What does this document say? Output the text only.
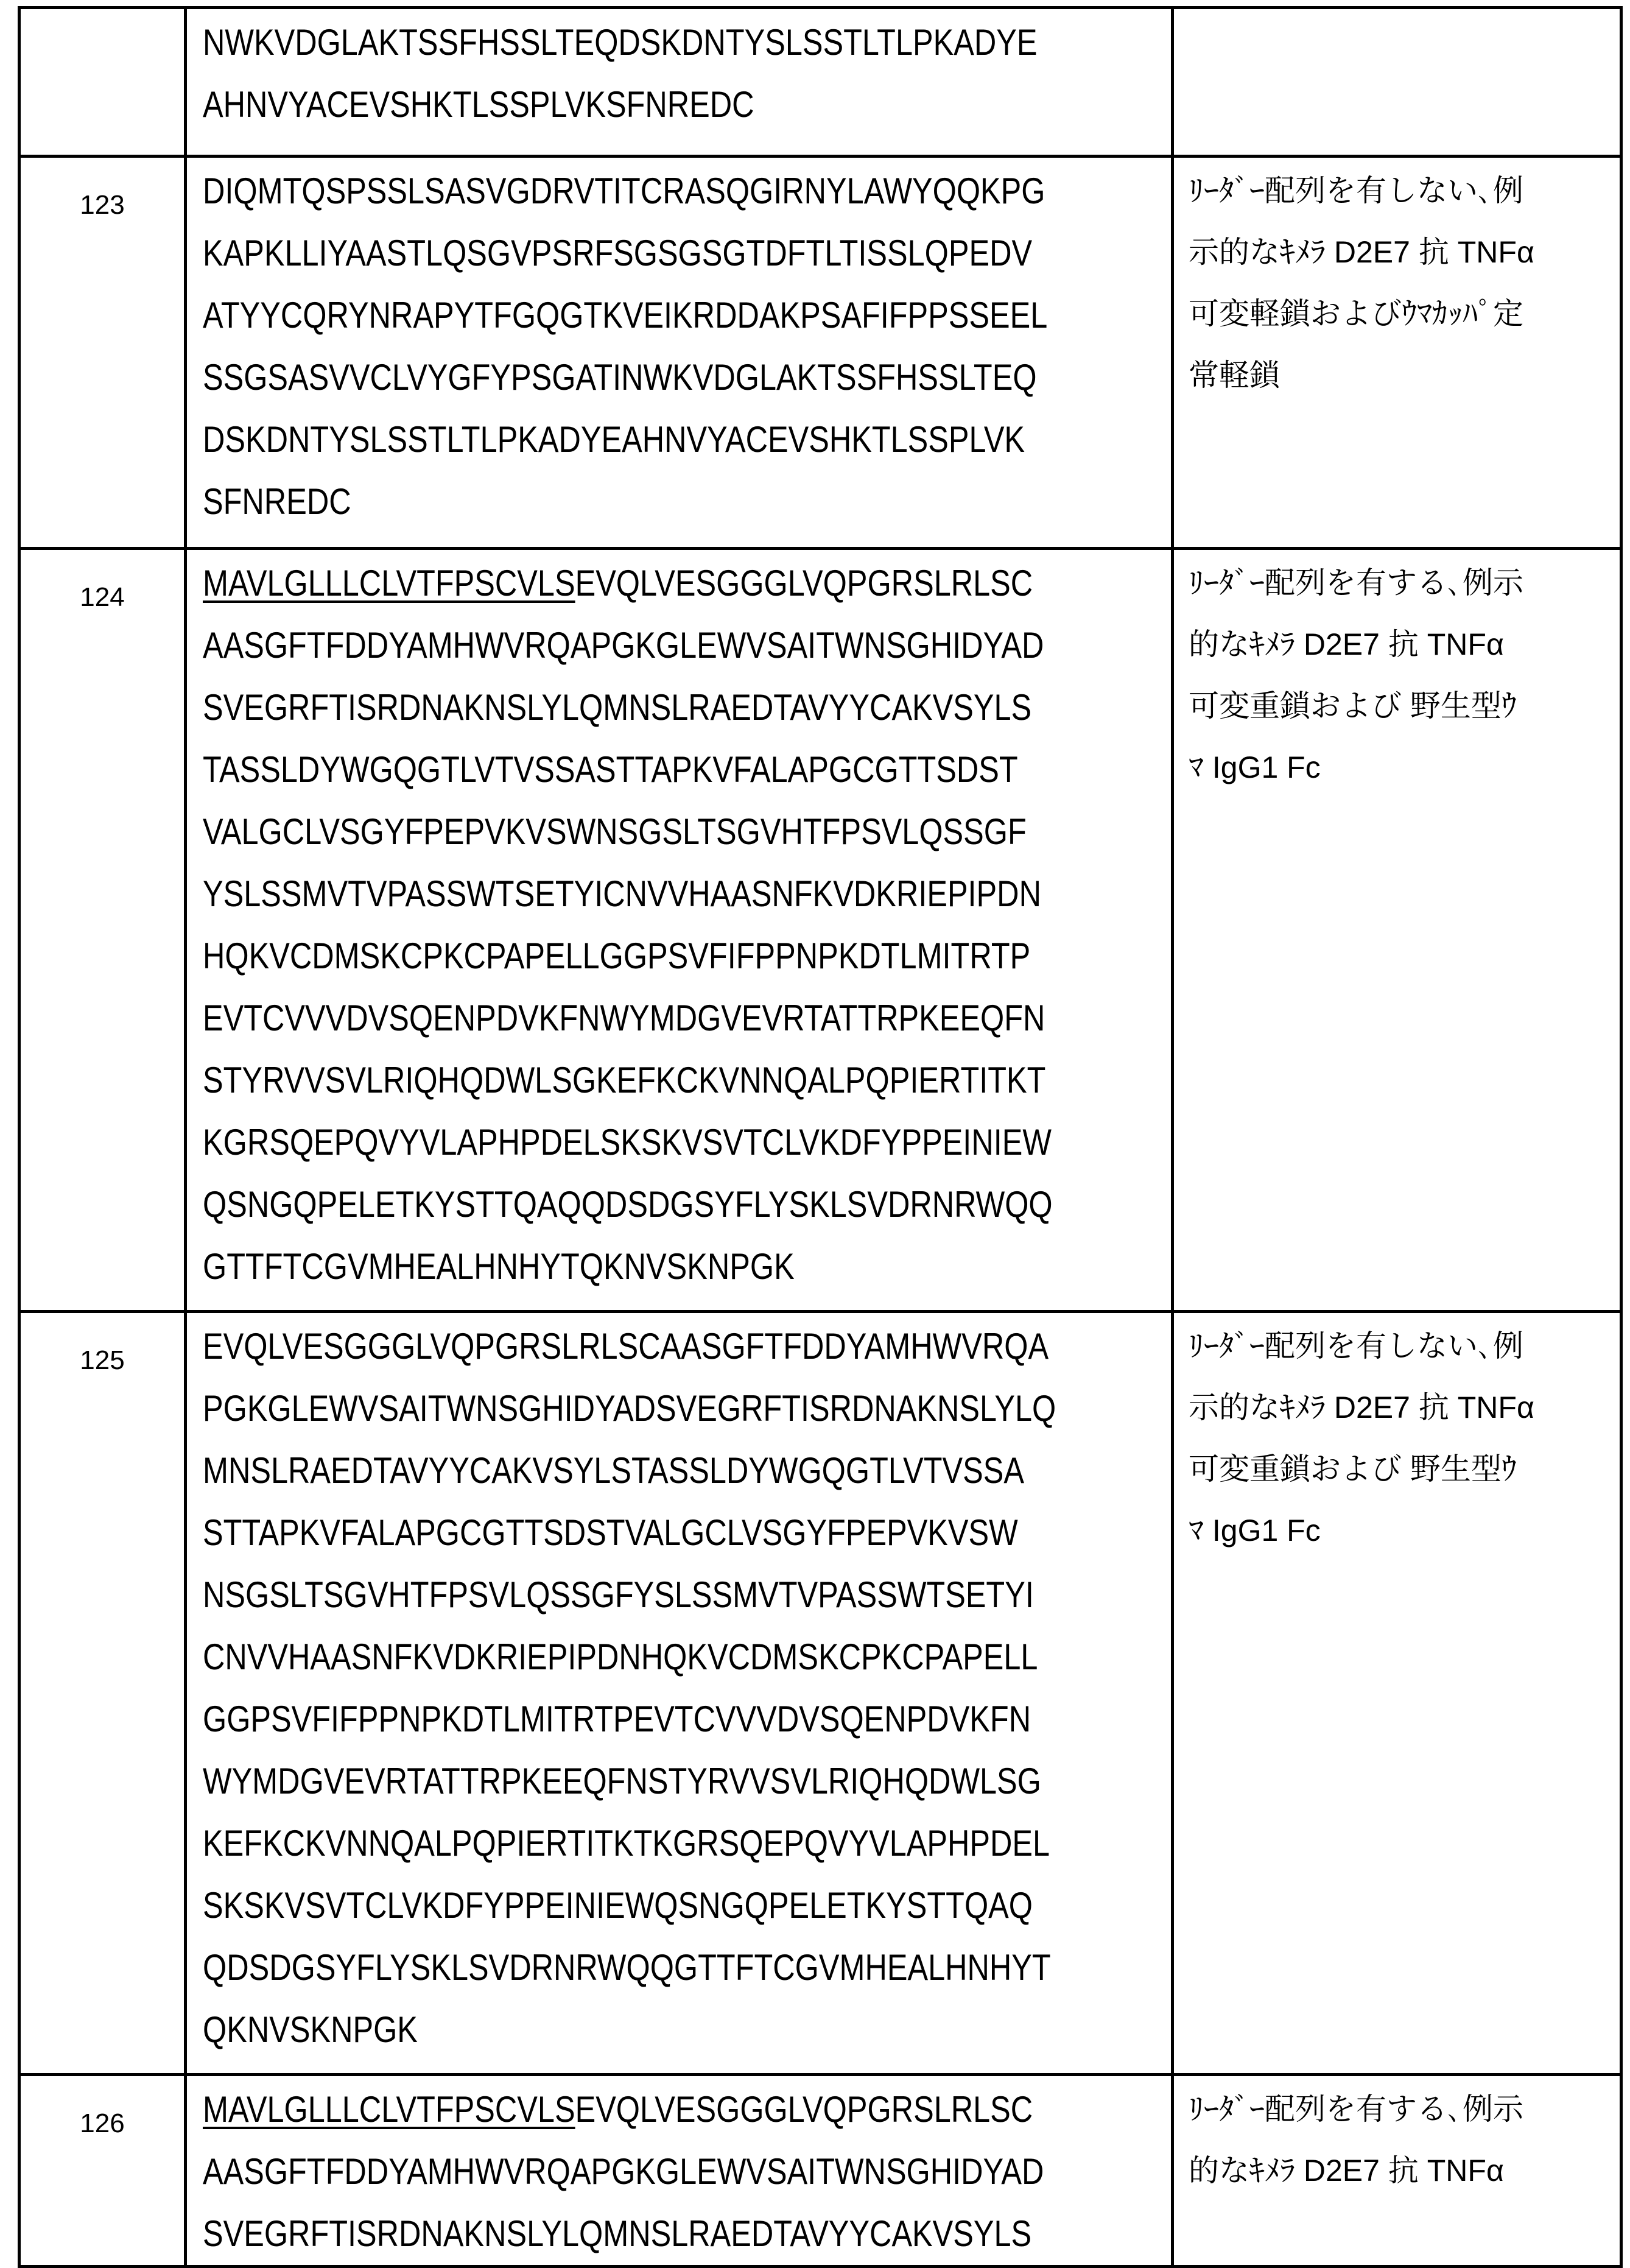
NWKVDGLAKTSSFHSSLTEQDSKDNTYSLSSTLTLPKADYE
AHNVYACEVSHKTLSSPLVKSFNREDC
123	DIQMTQSPSSLSASVGDRVTITCRASQGIRNYLAWYQQKPG
KAPKLLIYAASTLQSGVPSRFSGSGSGTDFTLTISSLQPEDV
ATYYCQRYNRAPYTFGQGTKVEIKRDDAKPSAFIFPPSSEEL
SSGSASVVCLVYGFYPSGATINWKVDGLAKTSSFHSSLTEQ
DSKDNTYSLSSTLTLPKADYEAHNVYACEVSHKTLSSPLVK
SFNREDC
ﾘｰﾀﾞｰ配列を有しない､例
示的なｷﾒﾗ D2E7 抗 TNFα
可変軽鎖およびｳﾏｶｯﾊﾟ定
常軽鎖
124	MAVLGLLLCLVTFPSCVLSEVQLVESGGGLVQPGRSLRLSC
AASGFTFDDYAMHWVRQAPGKGLEWVSAITWNSGHIDYAD
SVEGRFTISRDNAKNSLYLQMNSLRAEDTAVYYCAKVSYLS
TASSLDYWGQGTLVTVSSASTTAPKVFALAPGCGTTSDST
VALGCLVSGYFPEPVKVSWNSGSLTSGVHTFPSVLQSSGF
YSLSSMVTVPASSWTSETYICNVVHAASNFKVDKRIEPIPDN
HQKVCDMSKCPKCPAPELLGGPSVFIFPPNPKDTLMITRTP
EVTCVVVDVSQENPDVKFNWYMDGVEVRTATTRPKEEQFN
STYRVVSVLRIQHQDWLSGKEFKCKVNNQALPQPIERTITKT
KGRSQEPQVYVLAPHPDELSKSKVSVTCLVKDFYPPEINIEW
QSNGQPELETKYSTTQAQQDSDGSYFLYSKLSVDRNRWQQ
GTTFTCGVMHEALHNHYTQKNVSKNPGK
ﾘｰﾀﾞｰ配列を有する､例示
的なｷﾒﾗ D2E7 抗 TNFα
可変重鎖および 野生型ｳ
ﾏ IgG1 Fc
125	EVQLVESGGGLVQPGRSLRLSCAASGFTFDDYAMHWVRQA
PGKGLEWVSAITWNSGHIDYADSVEGRFTISRDNAKNSLYLQ
MNSLRAEDTAVYYCAKVSYLSTASSLDYWGQGTLVTVSSA
STTAPKVFALAPGCGTTSDSTVALGCLVSGYFPEPVKVSW
NSGSLTSGVHTFPSVLQSSGFYSLSSMVTVPASSWTSETYI
CNVVHAASNFKVDKRIEPIPDNHQKVCDMSKCPKCPAPELL
GGPSVFIFPPNPKDTLMITRTPEVTCVVVDVSQENPDVKFN
WYMDGVEVRTATTRPKEEQFNSTYRVVSVLRIQHQDWLSG
KEFKCKVNNQALPQPIERTITKTKGRSQEPQVYVLAPHPDEL
SKSKVSVTCLVKDFYPPEINIEWQSNGQPELETKYSTTQAQ
QDSDGSYFLYSKLSVDRNRWQQGTTFTCGVMHEALHNHYT
QKNVSKNPGK
ﾘｰﾀﾞｰ配列を有しない､例
示的なｷﾒﾗ D2E7 抗 TNFα
可変重鎖および 野生型ｳ
ﾏ IgG1 Fc
126	MAVLGLLLCLVTFPSCVLSEVQLVESGGGLVQPGRSLRLSC
AASGFTFDDYAMHWVRQAPGKGLEWVSAITWNSGHIDYAD
SVEGRFTISRDNAKNSLYLQMNSLRAEDTAVYYCAKVSYLS
ﾘｰﾀﾞｰ配列を有する､例示
的なｷﾒﾗ D2E7 抗 TNFα
